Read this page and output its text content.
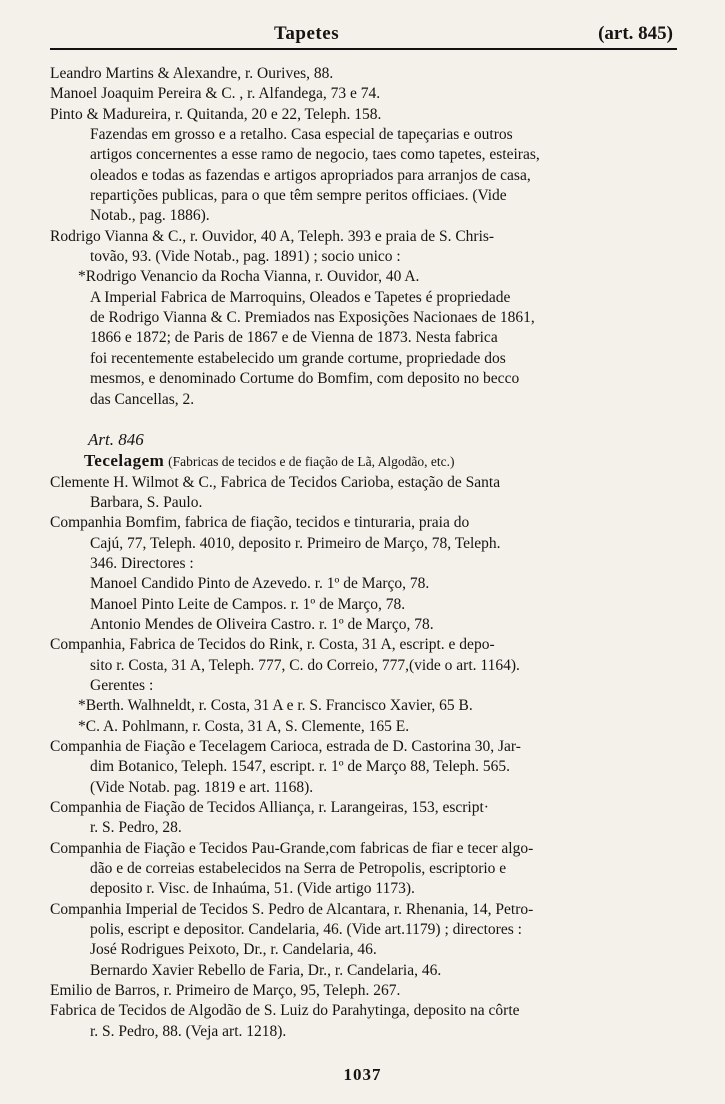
Tapetes	(art. 845)
Leandro Martins & Alexandre, r. Ourives, 88.
Manoel Joaquim Pereira & C. , r. Alfandega, 73 e 74.
Pinto & Madureira, r. Quitanda, 20 e 22, Teleph. 158.
Fazendas em grosso e a retalho. Casa especial de tapeçarias e outros
artigos concernentes a esse ramo de negocio, taes como tapetes, esteiras,
oleados e todas as fazendas e artigos apropriados para arranjos de casa,
repartições publicas, para o que têm sempre peritos officiaes. (Vide
Notab., pag. 1886).
Rodrigo Vianna & C., r. Ouvidor, 40 A, Teleph. 393 e praia de S. Chris-
tovão, 93. (Vide Notab., pag. 1891) ; socio unico :
*Rodrigo Venancio da Rocha Vianna, r. Ouvidor, 40 A.
A Imperial Fabrica de Marroquins, Oleados e Tapetes é propriedade
de Rodrigo Vianna & C. Premiados nas Exposições Nacionaes de 1861,
1866 e 1872; de Paris de 1867 e de Vienna de 1873. Nesta fabrica
foi recentemente estabelecido um grande cortume, propriedade dos
mesmos, e denominado Cortume do Bomfim, com deposito no becco
das Cancellas, 2.
Art. 846
Tecelagem (Fabricas de tecidos e de fiação de Lã, Algodão, etc.)
Clemente H. Wilmot & C., Fabrica de Tecidos Carioba, estação de Santa
Barbara, S. Paulo.
Companhia Bomfim, fabrica de fiação, tecidos e tinturaria, praia do
Cajú, 77, Teleph. 4010, deposito r. Primeiro de Março, 78, Teleph.
346. Directores :
Manoel Candido Pinto de Azevedo. r. 1º de Março, 78.
Manoel Pinto Leite de Campos. r. 1º de Março, 78.
Antonio Mendes de Oliveira Castro. r. 1º de Março, 78.
Companhia, Fabrica de Tecidos do Rink, r. Costa, 31 A, escript. e depo-
sito r. Costa, 31 A, Teleph. 777, C. do Correio, 777,(vide o art. 1164).
Gerentes :
*Berth. Walhneldt, r. Costa, 31 A e r. S. Francisco Xavier, 65 B.
*C. A. Pohlmann, r. Costa, 31 A, S. Clemente, 165 E.
Companhia de Fiação e Tecelagem Carioca, estrada de D. Castorina 30, Jar-
dim Botanico, Teleph. 1547, escript. r. 1º de Março 88, Teleph. 565.
(Vide Notab. pag. 1819 e art. 1168).
Companhia de Fiação de Tecidos Alliança, r. Larangeiras, 153, escript·
r. S. Pedro, 28.
Companhia de Fiação e Tecidos Pau-Grande,com fabricas de fiar e tecer algo-
dão e de correias estabelecidos na Serra de Petropolis, escriptorio e
deposito r. Visc. de Inhaúma, 51. (Vide artigo 1173).
Companhia Imperial de Tecidos S. Pedro de Alcantara, r. Rhenania, 14, Petro-
polis, escript e depositor. Candelaria, 46. (Vide art.1179) ; directores :
José Rodrigues Peixoto, Dr., r. Candelaria, 46.
Bernardo Xavier Rebello de Faria, Dr., r. Candelaria, 46.
Emilio de Barros, r. Primeiro de Março, 95, Teleph. 267.
Fabrica de Tecidos de Algodão de S. Luiz do Parahytinga, deposito na côrte
r. S. Pedro, 88. (Veja art. 1218).
1037
